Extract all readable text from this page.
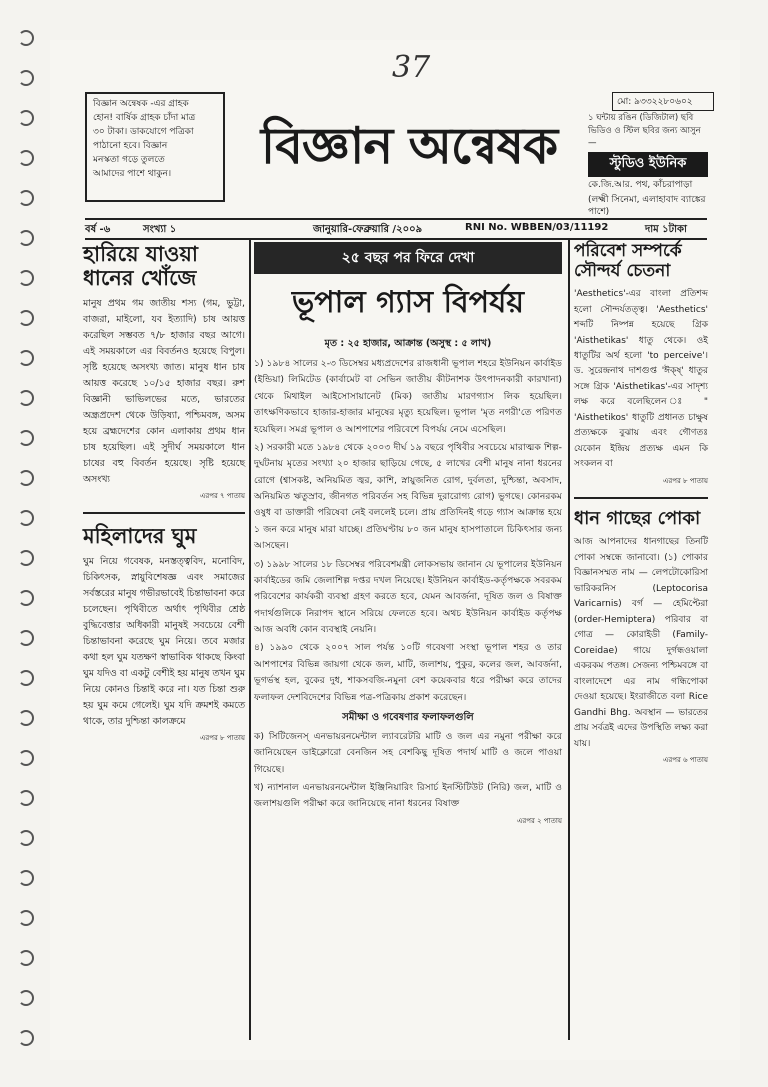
37
বিজ্ঞান অন্বেষক -এর গ্রাহক
হোন! বার্ষিক গ্রাহক চাঁদা মাত্র
৩০ টাকা। ডাকযোগে পত্রিকা
পাঠানো হবে। বিজ্ঞান
মনস্কতা গড়ে তুলতে
আমাদের পাশে থাকুন।	বিজ্ঞান অন্বেষক
মো: ৯৩৩২২৮০৬০২
১ ঘন্টায় রঙিন (ডিজিটাল) ছবি
ভিডিও ও স্টিল ছবির জন্য আসুন—
স্টুডিও ইউনিক
কে.জি.আর. পথ, কাঁচরাপাড়া
(লক্ষ্মী সিনেমা, এলাহাবাদ ব্যাঙ্কের পাশে)
বর্ষ -৬	সংখ্যা ১	জানুয়ারি-ফেব্রুয়ারি /২০০৯	RNI No. WBBEN/03/11192	দাম ১টাকা
হারিয়ে যাওয়া ধানের খোঁজে

মানুষ প্রথম গম জাতীয় শস্য (গম, ভুট্টা, বাজরা, মাইলো, যব ইত্যাদি) চাষ আয়ত্ত করেছিল সম্ভবত ৭/৮ হাজার বছর আগে। এই সময়কালে এর বিবর্তনও হয়েছে বিপুল। সৃষ্টি হয়েছে অসংখ্য জাত। মানুষ ধান চাষ আয়ত্ত করেছে ১০/১৫ হাজার বছর। রুশ বিজ্ঞানী ভাভিলভের মতে, ভারতের অন্ধ্রপ্রদেশ থেকে উড়িষ্যা, পশ্চিমবঙ্গ, অসম হয়ে ব্রহ্মদেশের কোন এলাকায় প্রথম ধান চাষ হয়েছিল। এই সুদীর্ঘ সময়কালে ধান চাষের বহু বিবর্তন হয়েছে। সৃষ্টি হয়েছে অসংখ্য

এরপর ৭ পাতায়
মহিলাদের ঘুম

ঘুম নিয়ে গবেষক, মনস্তত্ত্ববিদ, মনোবিদ, চিকিৎসক, স্নায়ুবিশেষজ্ঞ এবং সমাজের সর্বস্তরের মানুষ গভীরভাবেই চিন্তাভাবনা করে চলেছেন। পৃথিবীতে অর্থাৎ পৃথিবীর শ্রেষ্ঠ বুদ্ধিবেত্তার অধিকারী মানুষই সবচেয়ে বেশী চিন্তাভাবনা করেছে ঘুম নিয়ে। তবে মজার কথা হল ঘুম যতক্ষণ স্বাভাবিক থাকছে কিংবা ঘুম যদিও বা একটু বেশীই হয় মানুষ তখন ঘুম নিয়ে কোনও চিন্তাই করে না। যত চিন্তা শুরু হয় ঘুম কমে গেলেই। ঘুম যদি ক্রমশই কমতে থাকে, তার দুশ্চিন্তা কালক্রমে

এরপর ৮ পাতায়
২৫ বছর পর ফিরে দেখা
ভূপাল গ্যাস বিপর্যয়
মৃত : ২৫ হাজার, আক্রান্ত (অসুস্থ : ৫ লাখ)

১) ১৯৮৪ সালের ২-৩ ডিসেম্বর মধ্যপ্রদেশের রাজধানী ভূপাল শহরে ইউনিয়ন কার্বাইড (ইন্ডিয়া) লিমিটেড (কার্বামেট বা সেভিন জাতীয় কীটনাশক উৎপাদনকারী কারখানা) থেকে মিথাইল আইসোসায়ানেট (মিক) জাতীয় মারণগ্যাস লিক হয়েছিল। তাৎক্ষণিকভাবে হাজার-হাজার মানুষের মৃত্যু হয়েছিল। ভূপাল 'মৃত নগরী'তে পরিণত হয়েছিল। সমগ্র ভূপাল ও আশপাশের পরিবেশে বিপর্যয় নেমে এসেছিল।

২) সরকারী মতে ১৯৮৪ থেকে ২০০৩ দীর্ঘ ১৯ বছরে পৃথিবীর সবচেয়ে মারাত্মক শিল্প-দুর্ঘটনায় মৃতের সংখ্যা ২০ হাজার ছাড়িয়ে গেছে, ৫ লাখের বেশী মানুষ নানা ধরনের রোগে (শ্বাসকষ্ট, অনিয়মিত জ্বর, কাশি, স্নায়ুজনিত রোগ, দুর্বলতা, দুশ্চিন্তা, অবসাদ, অনিয়মিত ঋতুস্রাব, জীনগত পরিবর্তন সহ বিভিন্ন দুরারোগ্য রোগ) ভুগছে। কোনরকম ওষুধ বা ডাক্তারী পরিষেবা নেই বললেই চলে। প্রায় প্রতিদিনই গড়ে গ্যাস আক্রান্ত হয়ে ১ জন করে মানুষ মারা যাচ্ছে। প্রতিঘণ্টায় ৮০ জন মানুষ হাসপাতালে চিকিৎসার জন্য আসছেন।

৩) ১৯৯৮ সালের ১৮ ডিসেম্বর পরিবেশমন্ত্রী লোকসভায় জানান যে ভূপালের ইউনিয়ন কার্বাইডের জমি জেলাশিল্প দপ্তর দখল নিয়েছে। ইউনিয়ন কার্বাইড-কর্তৃপক্ষকে সবরকম পরিবেশের কার্যকরী ব্যবস্থা গ্রহণ করতে হবে, যেমন আবর্জনা, দূষিত জল ও বিষাক্ত পদার্থগুলিকে নিরাপদ স্থানে সরিয়ে ফেলতে হবে। অথচ ইউনিয়ন কার্বাইড কর্তৃপক্ষ আজ অবধি কোন ব্যবস্থাই নেয়নি।

৪) ১৯৯০ থেকে ২০০৭ সাল পর্যন্ত ১০টি গবেষণা সংস্থা ভূপাল শহর ও তার আশপাশের বিভিন্ন জায়গা থেকে জল, মাটি, জলাশয়, পুকুর, কলের জল, আবর্জনা, ভূগর্ভস্থ হল, বুকের দুধ, শাকসবজি-নমুনা বেশ কয়েকবার ধরে পরীক্ষা করে তাদের ফলাফল দেশবিদেশের বিভিন্ন পত্র-পত্রিকায় প্রকাশ করেছেন।

সমীক্ষা ও গবেষণার ফলাফলগুলি

ক) সিটিজেনস্ এনভায়রনমেন্টাল ল্যাবরেটরি মাটি ও জল এর নমুনা পরীক্ষা করে জানিয়েছেন ডাইক্লোরো বেনজিন সহ বেশকিছু দূষিত পদার্থ মাটি ও জলে পাওয়া গিয়েছে।

খ) ন্যাশনাল এনভায়রনমেন্টাল ইঞ্জিনিয়ারিং রিসার্চ ইনস্টিটিউট (নিরি) জল, মাটি ও জলাশয়গুলি পরীক্ষা করে জানিয়েছে নানা ধরনের বিষাক্ত

এরপর ২ পাতায়
পরিবেশ সম্পর্কে সৌন্দর্য চেতনা

'Aesthetics'-এর বাংলা প্রতিশব্দ হলো সৌন্দর্যতত্ত্ব। 'Aesthetics' শব্দটি নিষ্পন্ন হয়েছে গ্রিক 'Aisthetikas' ধাতু থেকে। ওই ধাতুটির অর্থ হলো 'to perceive'। ড. সুরেন্দ্রনাথ দাশগুপ্ত 'ঈক্ষ্' ধাতুর সঙ্গে গ্রিক 'Aisthetikas'-এর সাদৃশ্য লক্ষ করে বলেছিলেন ঃ " 'Aisthetikos' ধাতুটি প্রধানত চাক্ষুষ প্রত্যক্ষকে বুঝায় এবং গৌণতঃ যেকোন ইন্দ্রিয় প্রত্যক্ষ এমন কি সংকলন বা

এরপর ৮ পাতায়
ধান গাছের পোকা

আজ আপনাদের ধানগাছের তিনটি পোকা সম্বন্ধে জানাবো। (১) পোকার বিজ্ঞানসম্মত নাম — লেপটোকোরিসা ভারিকরনিস (Leptocorisa Varicarnis) বর্গ — হেমিপ্টেরা (order-Hemiptera) পরিবার বা গোত্র — কোরাইডী (Family- Coreidae) গায়ে দুর্গন্ধওয়ালা একরকম পতঙ্গ। সেজন্য পশ্চিমবঙ্গে বা বাংলাদেশে এর নাম গন্ধিপোকা দেওয়া হয়েছে। ইংরাজীতে বলা Rice Gandhi Bhg. অবস্থান — ভারতের প্রায় সর্বত্রই এদের উপস্থিতি লক্ষ্য করা যায়।

এরপর ৬ পাতায়
